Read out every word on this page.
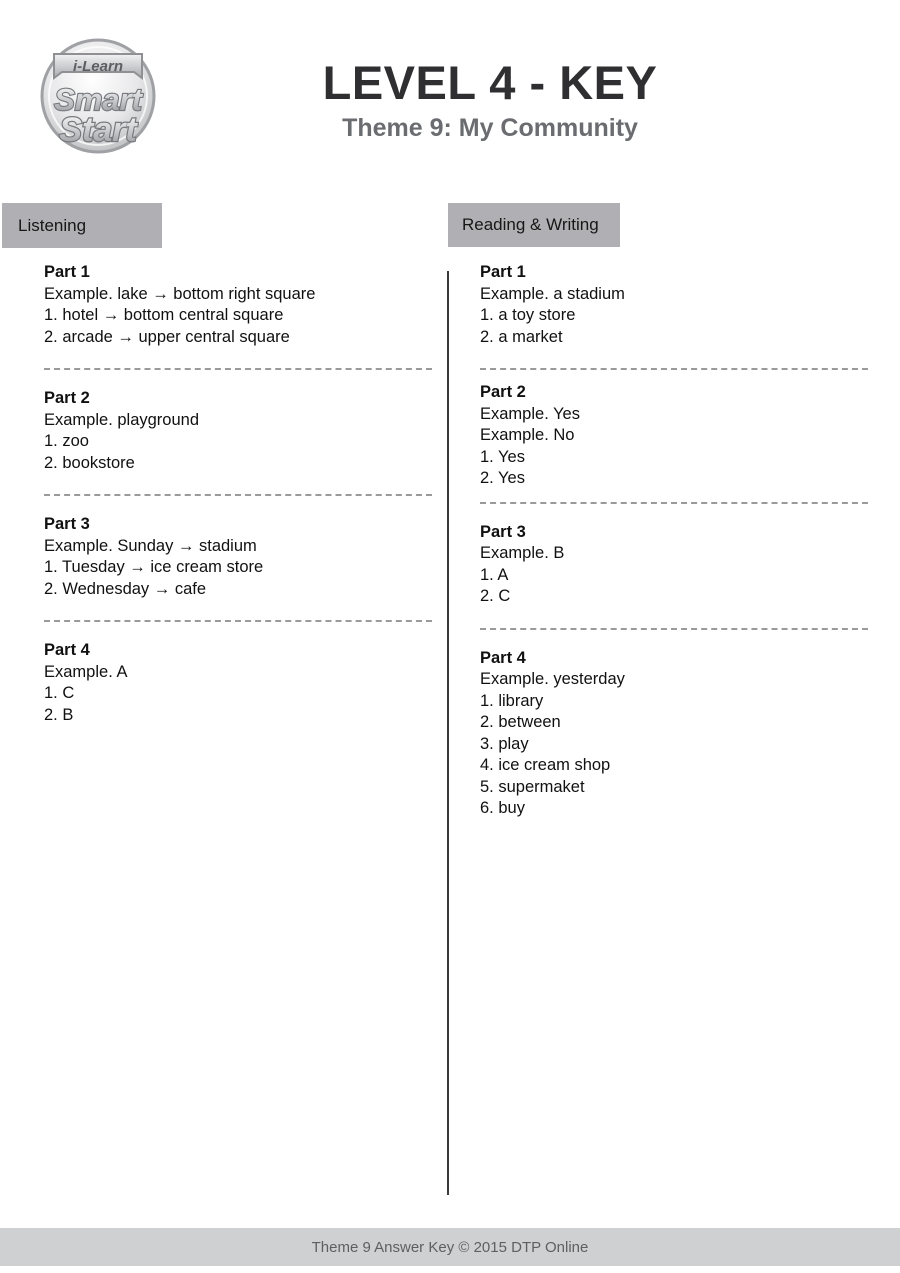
i-Learn
Smart
Start
LEVEL 4 - KEY
Theme 9: My Community
Listening	Reading & Writing
Part 1
Example. lake → bottom right square
1. hotel → bottom central square
2. arcade → upper central square
Part 2
Example. playground
1. zoo
2. bookstore
Part 3
Example. Sunday → stadium
1. Tuesday → ice cream store
2. Wednesday → cafe
Part 4
Example. A
1. C
2. B
Part 1
Example. a stadium
1. a toy store
2. a market
Part 2
Example. Yes
Example. No
1. Yes
2. Yes
Part 3
Example. B
1. A
2. C
Part 4
Example. yesterday
1. library
2. between
3. play
4. ice cream shop
5. supermaket
6. buy
Theme 9 Answer Key © 2015 DTP Online
